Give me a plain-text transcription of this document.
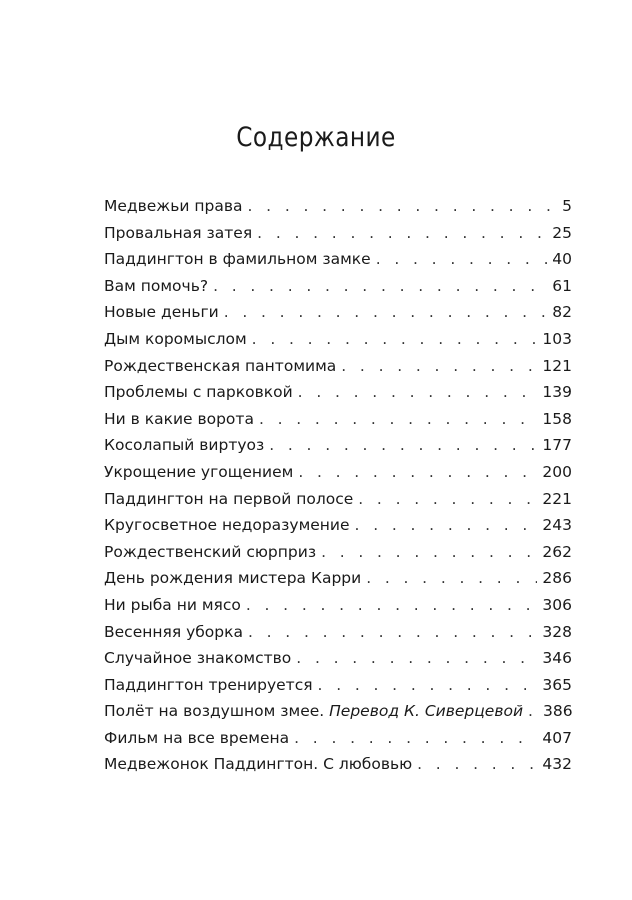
Содержание
Медвежьи права . . .	5
Провальная затея . . .	25
Паддингтон в фамильном замке . . .	40
Вам помочь? . . .	61
Новые деньги . . .	82
Дым коромыслом . . .	103
Рождественская пантомима . . .	121
Проблемы с парковкой . . .	139
Ни в какие ворота . . .	158
Косолапый виртуоз . . .	177
Укрощение угощением . . .	200
Паддингтон на первой полосе . . .	221
Кругосветное недоразумение . . .	243
Рождественский сюрприз . . .	262
День рождения мистера Карри . . .	286
Ни рыба ни мясо . . .	306
Весенняя уборка . . .	328
Случайное знакомство . . .	346
Паддингтон тренируется . . .	365
Полёт на воздушном змее. Перевод К. Сиверцевой . . . 386
Фильм на все времена . . .	407
Медвежонок Паддингтон. С любовью . . .	432
